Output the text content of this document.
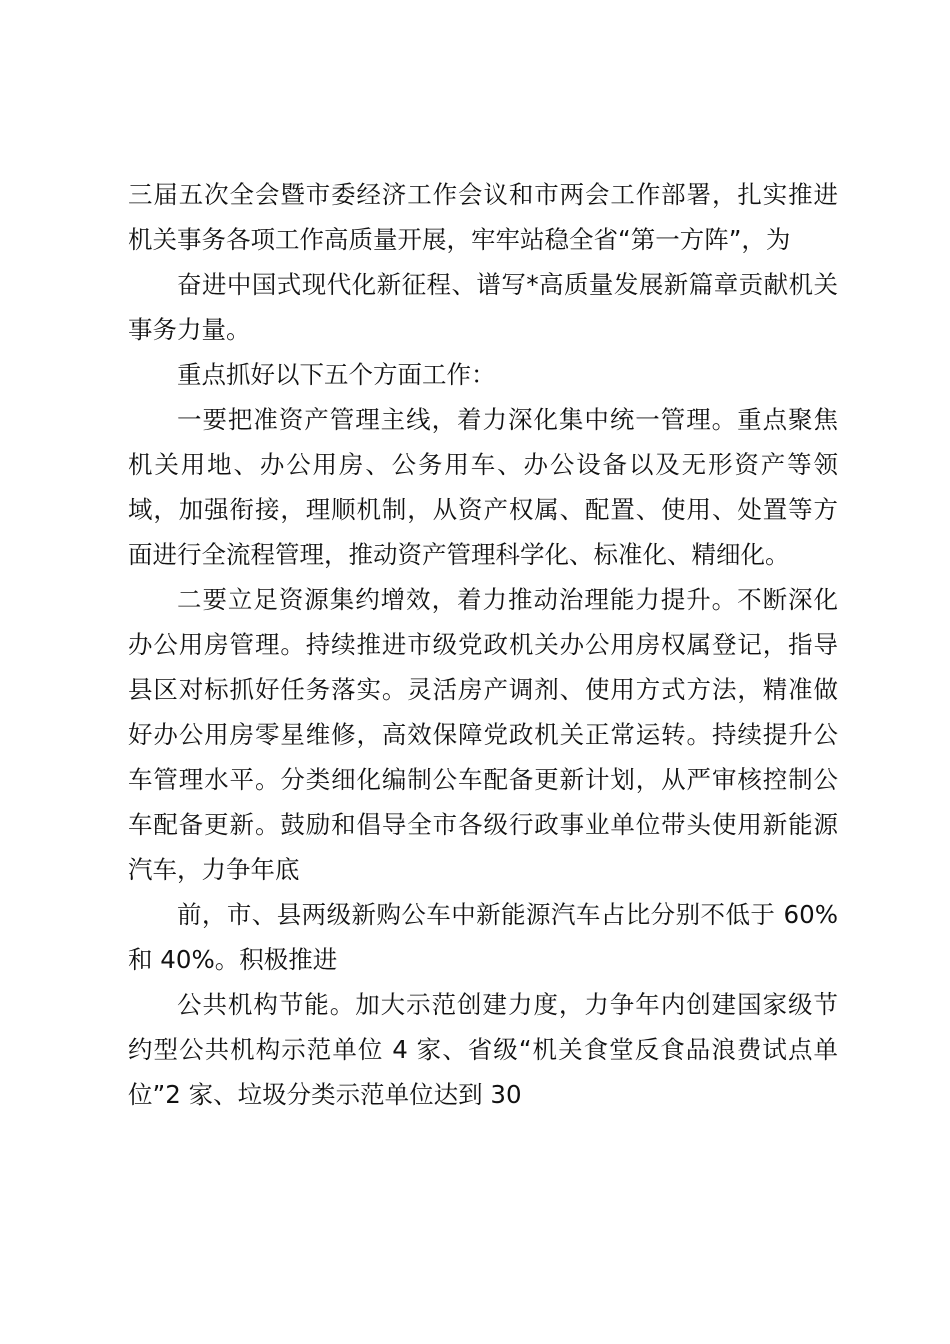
三届五次全会暨市委经济工作会议和市两会工作部署，扎实推进
机关事务各项工作高质量开展，牢牢站稳全省“第一方阵”，为
奋进中国式现代化新征程、谱写*高质量发展新篇章贡献机关
事务力量。
重点抓好以下五个方面工作：
一要把准资产管理主线，着力深化集中统一管理。重点聚焦
机关用地、办公用房、公务用车、办公设备以及无形资产等领
域，加强衔接，理顺机制，从资产权属、配置、使用、处置等方
面进行全流程管理，推动资产管理科学化、标准化、精细化。
二要立足资源集约增效，着力推动治理能力提升。不断深化
办公用房管理。持续推进市级党政机关办公用房权属登记，指导
县区对标抓好任务落实。灵活房产调剂、使用方式方法，精准做
好办公用房零星维修，高效保障党政机关正常运转。持续提升公
车管理水平。分类细化编制公车配备更新计划，从严审核控制公
车配备更新。鼓励和倡导全市各级行政事业单位带头使用新能源
汽车，力争年底
前，市、县两级新购公车中新能源汽车占比分别不低于 60%
和 40%。积极推进
公共机构节能。加大示范创建力度，力争年内创建国家级节
约型公共机构示范单位 4 家、省级“机关食堂反食品浪费试点单
位”2 家、垃圾分类示范单位达到 30
